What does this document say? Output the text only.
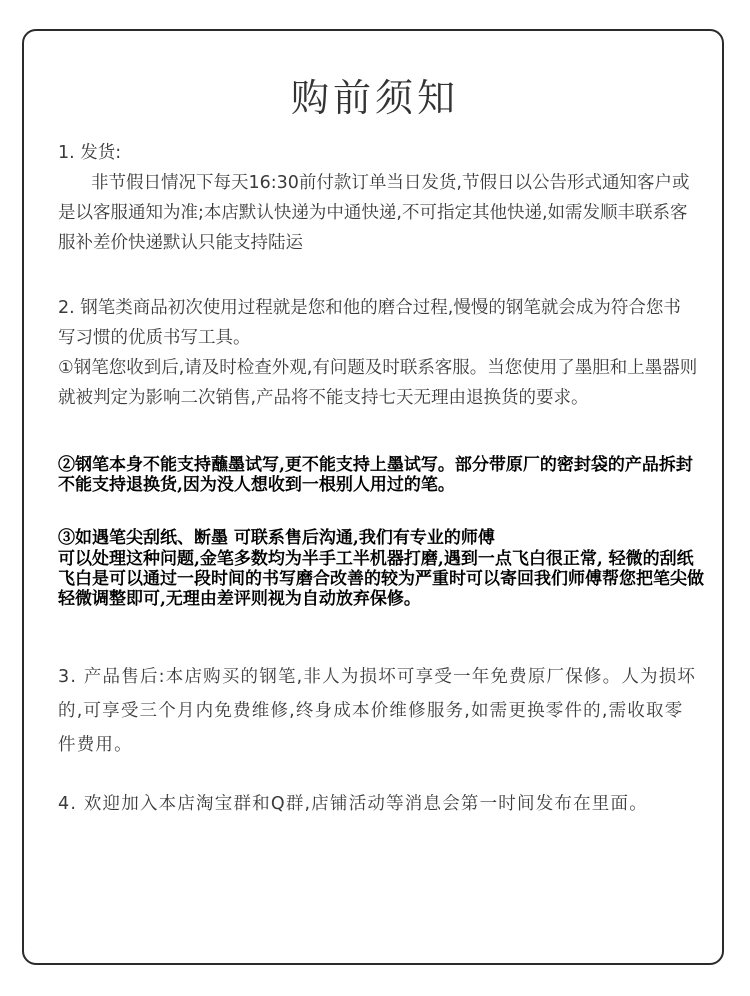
购前须知

1. 发货:

非节假日情况下每天16:30前付款订单当日发货,节假日以公告形式通知客户或是以客服通知为准;本店默认快递为中通快递,不可指定其他快递,如需发顺丰联系客服补差价快递默认只能支持陆运

2. 钢笔类商品初次使用过程就是您和他的磨合过程,慢慢的钢笔就会成为符合您书写习惯的优质书写工具。

①钢笔您收到后,请及时检查外观,有问题及时联系客服。当您使用了墨胆和上墨器则就被判定为影响二次销售,产品将不能支持七天无理由退换货的要求。

②钢笔本身不能支持蘸墨试写,更不能支持上墨试写。部分带原厂的密封袋的产品拆封不能支持退换货,因为没人想收到一根别人用过的笔。

③如遇笔尖刮纸、断墨 可联系售后沟通,我们有专业的师傅

可以处理这种问题,金笔多数均为半手工半机器打磨,遇到一点飞白很正常, 轻微的刮纸飞白是可以通过一段时间的书写磨合改善的较为严重时可以寄回我们师傅帮您把笔尖做轻微调整即可,无理由差评则视为自动放弃保修。

3. 产品售后:本店购买的钢笔,非人为损坏可享受一年免费原厂保修。人为损坏的,可享受三个月内免费维修,终身成本价维修服务,如需更换零件的,需收取零件费用。

4. 欢迎加入本店淘宝群和Q群,店铺活动等消息会第一时间发布在里面。
